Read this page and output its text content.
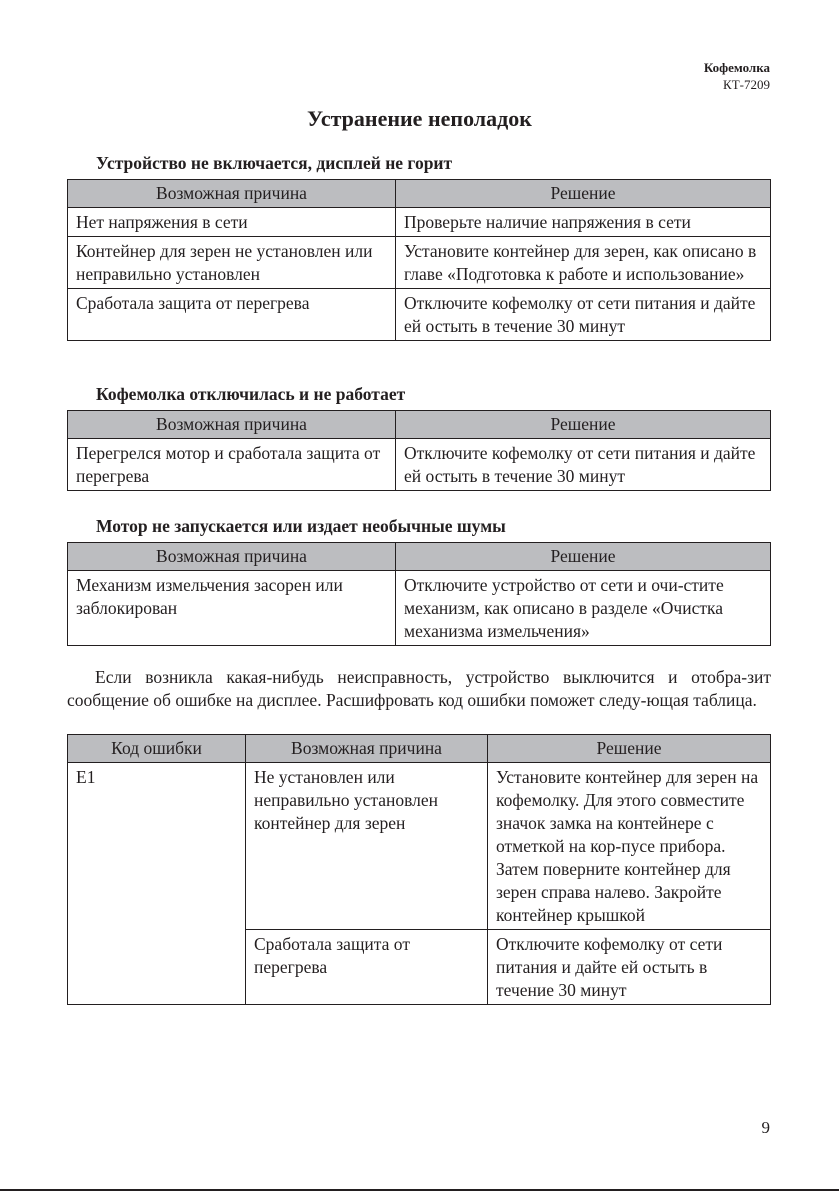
Кофемолка
КТ-7209
Устранение неполадок
Устройство не включается, дисплей не горит
Возможная причина	Решение
Нет напряжения в сети	Проверьте наличие напряжения в сети
Контейнер для зерен не установлен или неправильно установлен	Установите контейнер для зерен, как описано в главе «Подготовка к работе и использование»
Сработала защита от перегрева	Отключите кофемолку от сети питания и дайте ей остыть в течение 30 минут
Кофемолка отключилась и не работает
Возможная причина	Решение
Перегрелся мотор и сработала защита от перегрева	Отключите кофемолку от сети питания и дайте ей остыть в течение 30 минут
Мотор не запускается или издает необычные шумы
Возможная причина	Решение
Механизм измельчения засорен или заблокирован	Отключите устройство от сети и очи-стите механизм, как описано в разделе «Очистка механизма измельчения»
Если возникла какая-нибудь неисправность, устройство выключится и отобра-зит сообщение об ошибке на дисплее. Расшифровать код ошибки поможет следу-ющая таблица.
Код ошибки	Возможная причина	Решение
E1	Не установлен или неправильно установлен контейнер для зерен	Установите контейнер для зерен на кофемолку. Для этого совместите значок замка на контейнере с отметкой на кор-пусе прибора. Затем поверните контейнер для зерен справа налево. Закройте контейнер крышкой
	Сработала защита от перегрева	Отключите кофемолку от сети питания и дайте ей остыть в течение 30 минут
9
